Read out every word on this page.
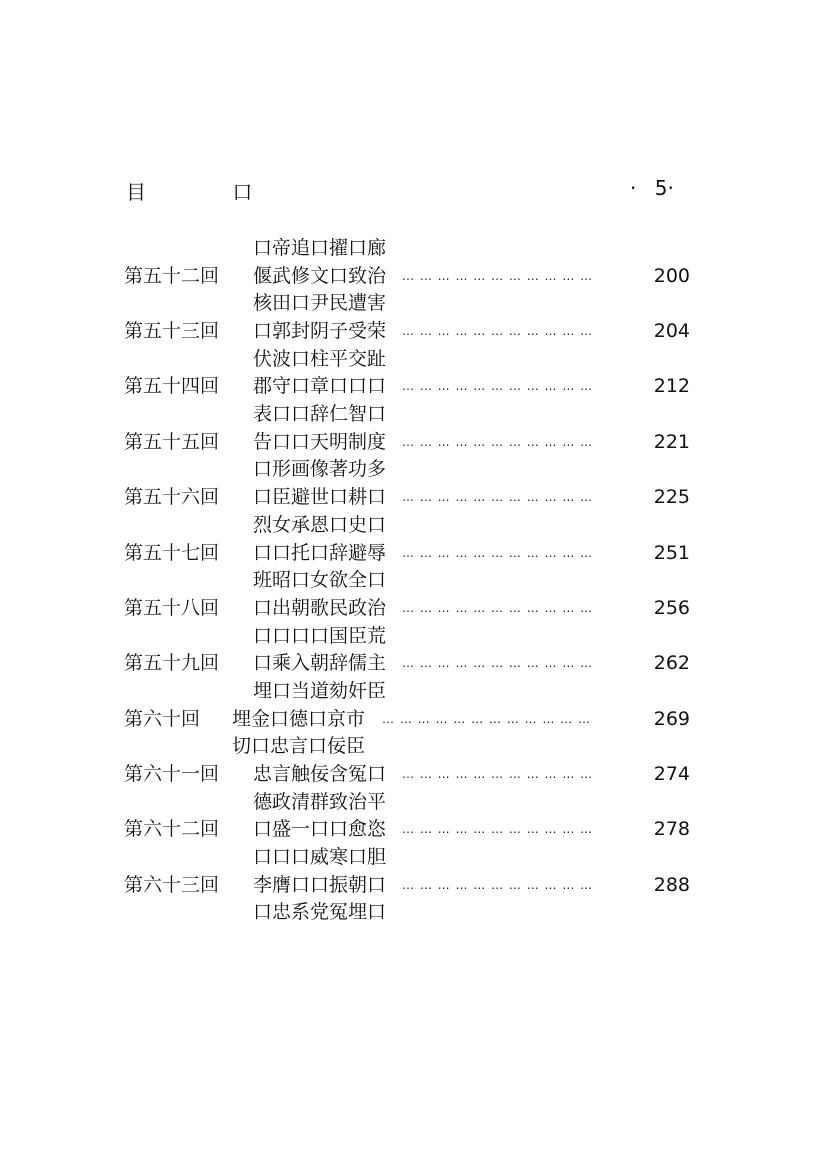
目 口	· 5·
口帝追口擢口廊
第五十二回 偃武修文口致治 … … … … … … … … … … …	200
核田口尹民遭害
第五十三回 口郭封阴子受荣 … … … … … … … … … … …	204
伏波口柱平交趾
第五十四回 郡守口章口口口 … … … … … … … … … … …	212
表口口辞仁智口
第五十五回 告口口天明制度 … … … … … … … … … … …	221
口形画像著功多
第五十六回 口臣避世口耕口 … … … … … … … … … … …	225
烈女承恩口史口
第五十七回 口口托口辞避辱 … … … … … … … … … … …	251
班昭口女欲全口
第五十八回 口出朝歌民政治 … … … … … … … … … … …	256
口口口口国臣荒
第五十九回 口乘入朝辞儒主 … … … … … … … … … … …	262
埋口当道劾奸臣
第六十回 埋金口德口京市 … … … … … … … … … … … …	269
切口忠言口佞臣
第六十一回 忠言触佞含冤口 … … … … … … … … … … …	274
德政清群致治平
第六十二回 口盛一口口愈恣 … … … … … … … … … … …	278
口口口威寒口胆
第六十三回 李膺口口振朝口 … … … … … … … … … … …	288
口忠系党冤埋口
